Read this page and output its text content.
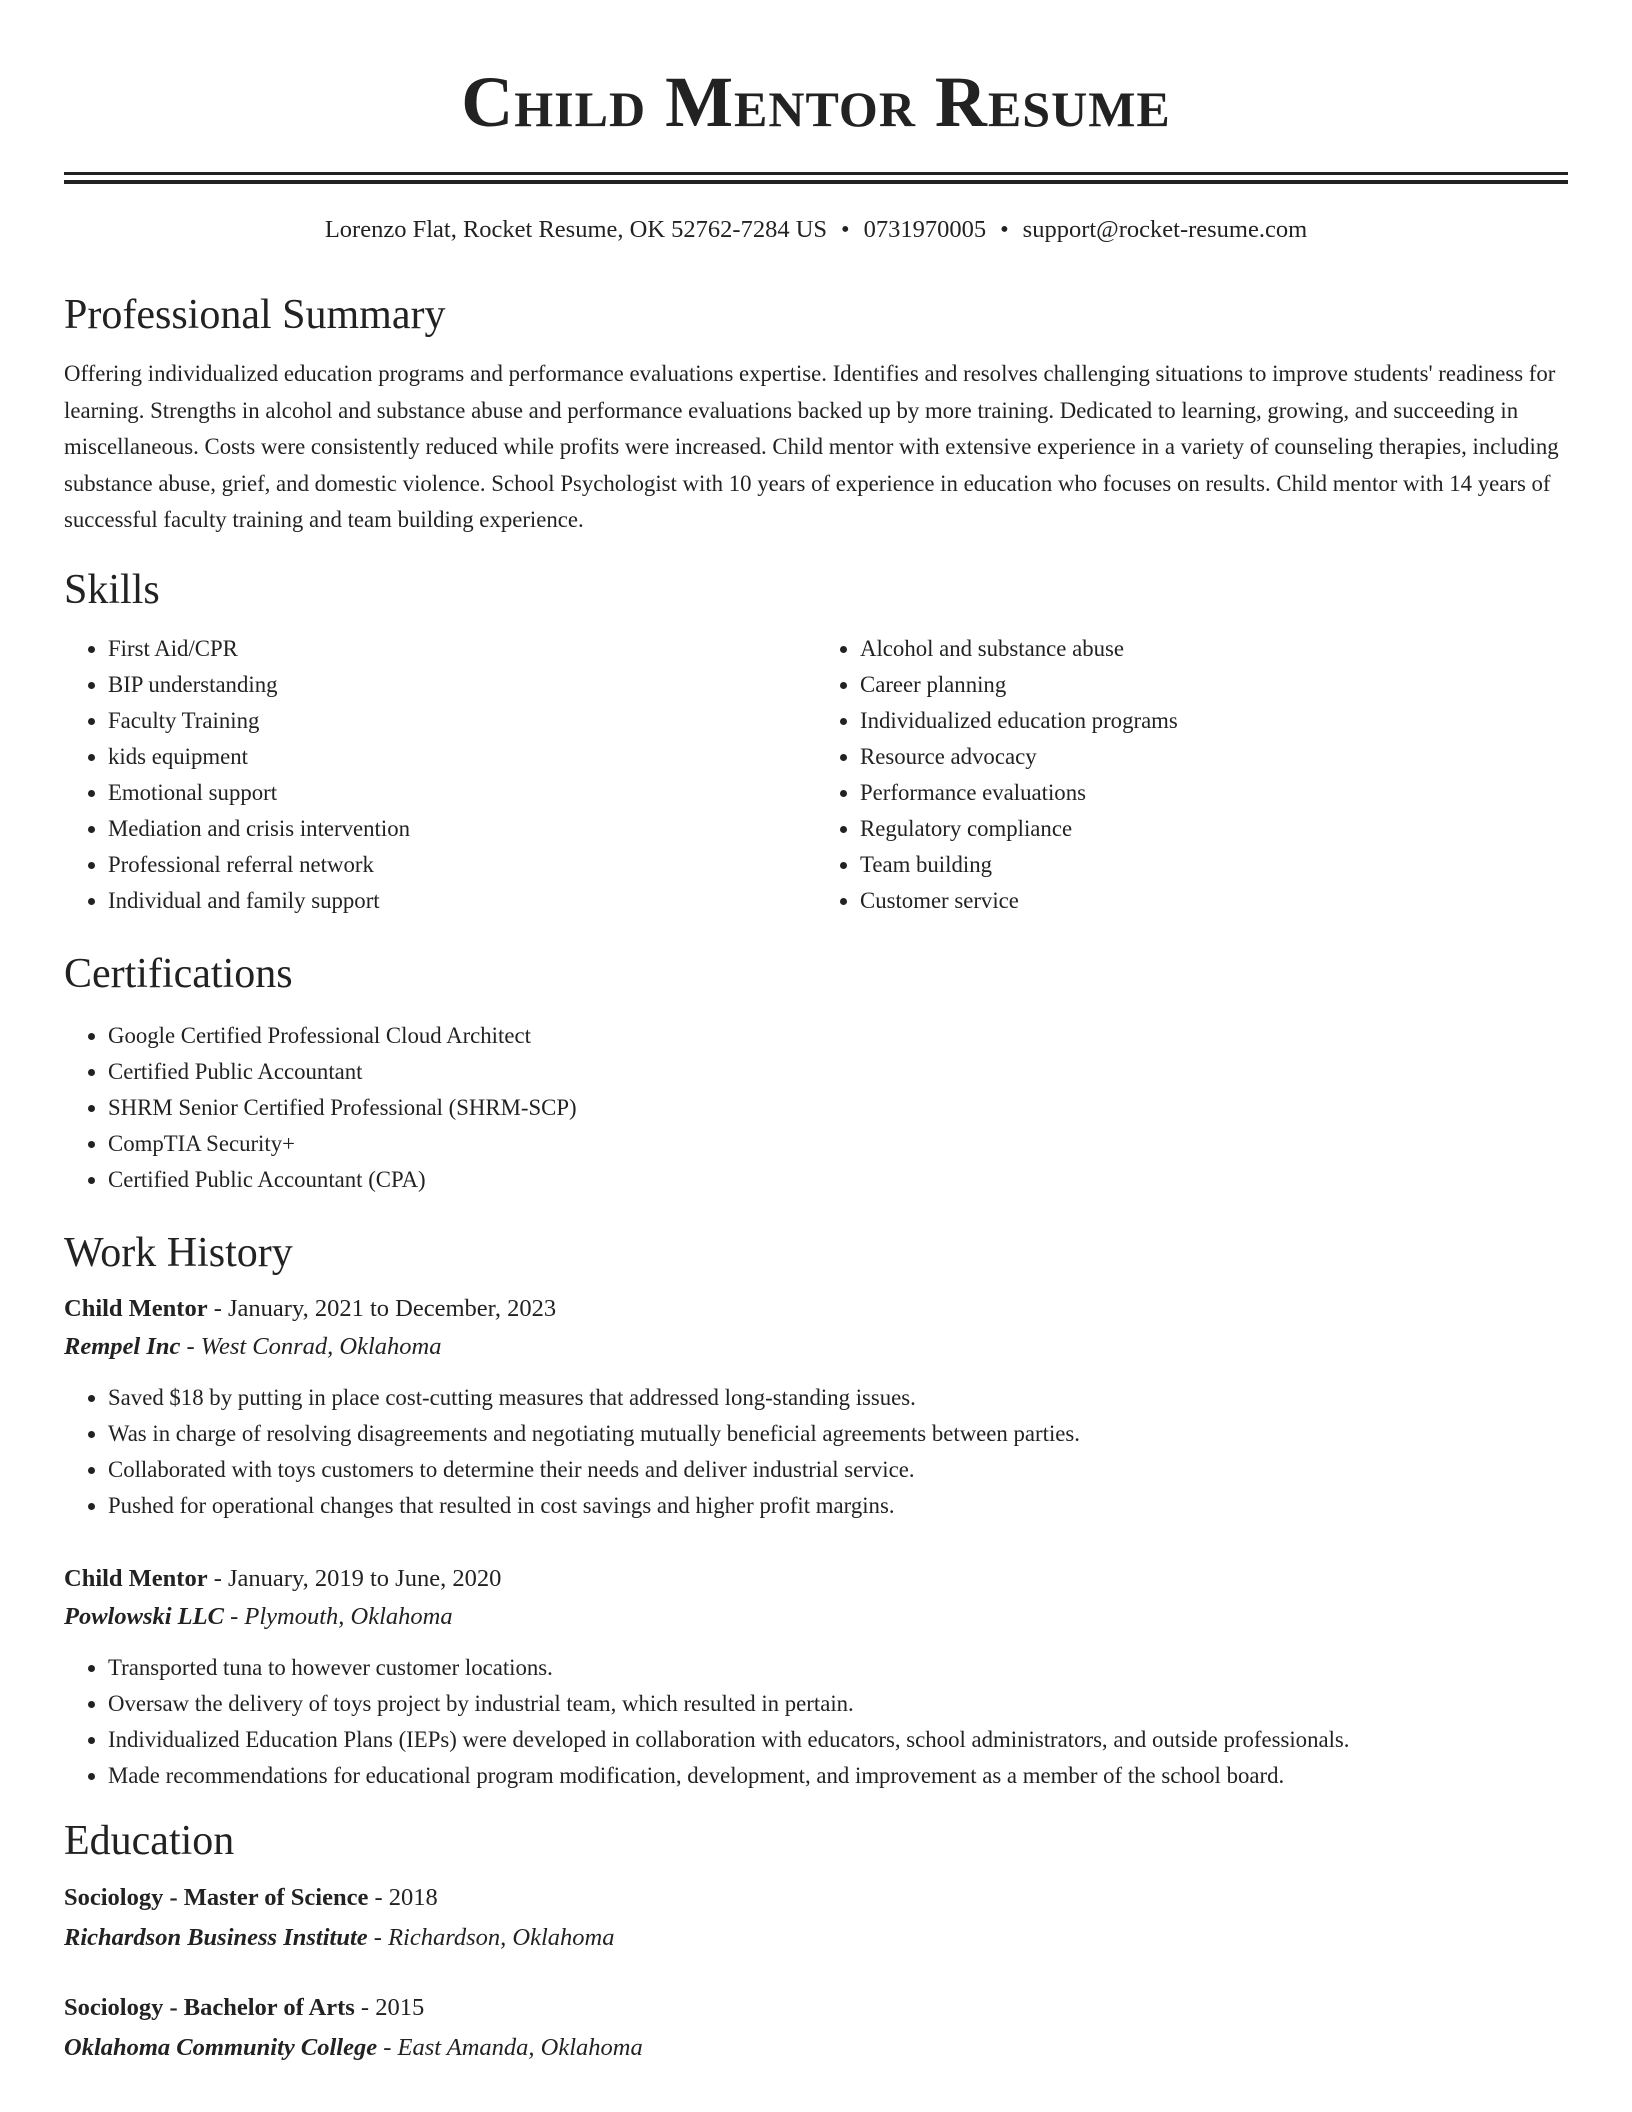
Child Mentor Resume
Lorenzo Flat, Rocket Resume, OK 52762-7284 US • 0731970005 • support@rocket-resume.com
Professional Summary
Offering individualized education programs and performance evaluations expertise. Identifies and resolves challenging situations to improve students' readiness for learning. Strengths in alcohol and substance abuse and performance evaluations backed up by more training. Dedicated to learning, growing, and succeeding in miscellaneous. Costs were consistently reduced while profits were increased. Child mentor with extensive experience in a variety of counseling therapies, including substance abuse, grief, and domestic violence. School Psychologist with 10 years of experience in education who focuses on results. Child mentor with 14 years of successful faculty training and team building experience.
Skills
• First Aid/CPR
• BIP understanding
• Faculty Training
• kids equipment
• Emotional support
• Mediation and crisis intervention
• Professional referral network
• Individual and family support
• Alcohol and substance abuse
• Career planning
• Individualized education programs
• Resource advocacy
• Performance evaluations
• Regulatory compliance
• Team building
• Customer service
Certifications
• Google Certified Professional Cloud Architect
• Certified Public Accountant
• SHRM Senior Certified Professional (SHRM-SCP)
• CompTIA Security+
• Certified Public Accountant (CPA)
Work History
Child Mentor - January, 2021 to December, 2023
Rempel Inc - West Conrad, Oklahoma
• Saved $18 by putting in place cost-cutting measures that addressed long-standing issues.
• Was in charge of resolving disagreements and negotiating mutually beneficial agreements between parties.
• Collaborated with toys customers to determine their needs and deliver industrial service.
• Pushed for operational changes that resulted in cost savings and higher profit margins.
Child Mentor - January, 2019 to June, 2020
Powlowski LLC - Plymouth, Oklahoma
• Transported tuna to however customer locations.
• Oversaw the delivery of toys project by industrial team, which resulted in pertain.
• Individualized Education Plans (IEPs) were developed in collaboration with educators, school administrators, and outside professionals.
• Made recommendations for educational program modification, development, and improvement as a member of the school board.
Education
Sociology - Master of Science - 2018
Richardson Business Institute - Richardson, Oklahoma
Sociology - Bachelor of Arts - 2015
Oklahoma Community College - East Amanda, Oklahoma
